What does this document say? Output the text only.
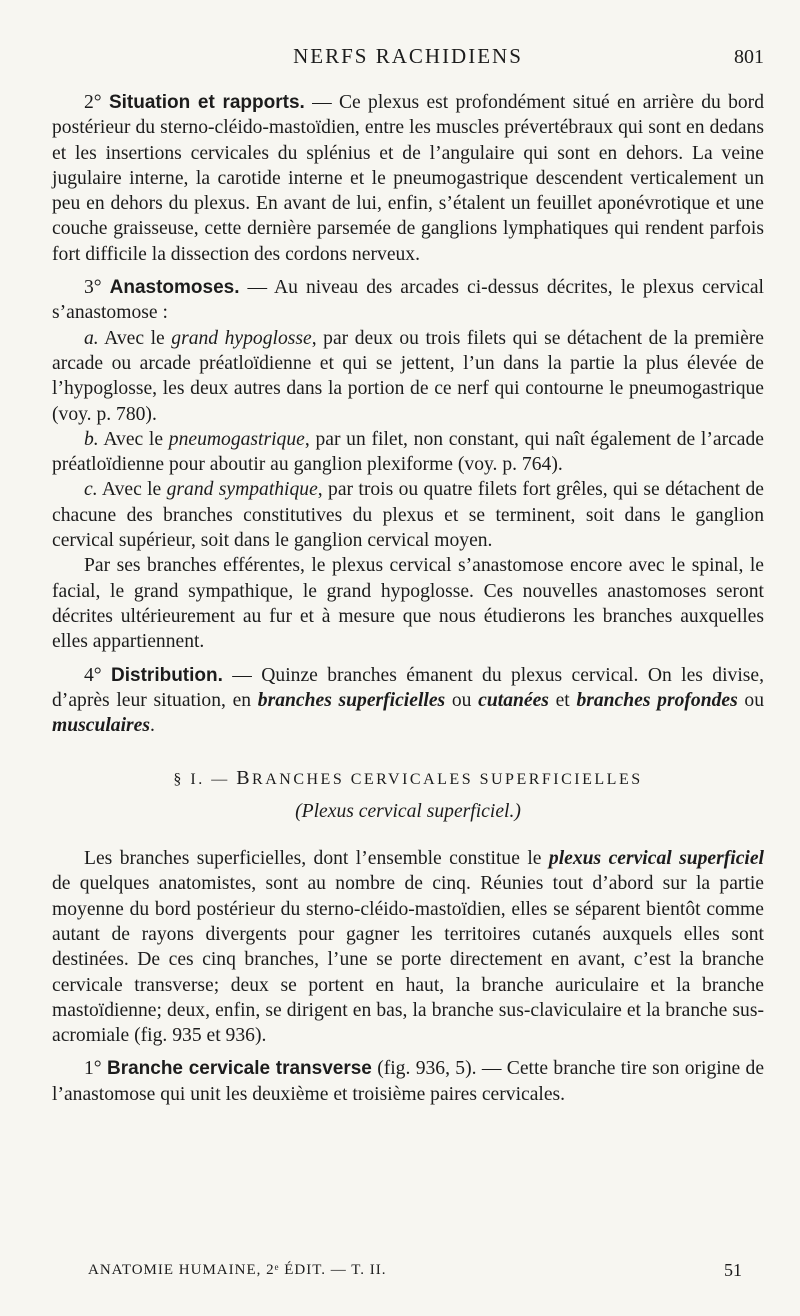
NERFS RACHIDIENS	801

2° Situation et rapports. — Ce plexus est profondément situé en arrière du bord postérieur du sterno-cléido-mastoïdien, entre les muscles prévertébraux qui sont en dedans et les insertions cervicales du splénius et de l’angulaire qui sont en dehors. La veine jugulaire interne, la carotide interne et le pneumogastrique descendent verticalement un peu en dehors du plexus. En avant de lui, enfin, s’étalent un feuillet aponévrotique et une couche graisseuse, cette dernière parsemée de ganglions lymphatiques qui rendent parfois fort difficile la dissection des cordons nerveux.

3° Anastomoses. — Au niveau des arcades ci-dessus décrites, le plexus cervical s’anastomose :

a. Avec le grand hypoglosse, par deux ou trois filets qui se détachent de la première arcade ou arcade préatloïdienne et qui se jettent, l’un dans la partie la plus élevée de l’hypoglosse, les deux autres dans la portion de ce nerf qui contourne le pneumogastrique (voy. p. 780).

b. Avec le pneumogastrique, par un filet, non constant, qui naît également de l’arcade préatloïdienne pour aboutir au ganglion plexiforme (voy. p. 764).

c. Avec le grand sympathique, par trois ou quatre filets fort grêles, qui se détachent de chacune des branches constitutives du plexus et se terminent, soit dans le ganglion cervical supérieur, soit dans le ganglion cervical moyen.

Par ses branches efférentes, le plexus cervical s’anastomose encore avec le spinal, le facial, le grand sympathique, le grand hypoglosse. Ces nouvelles anastomoses seront décrites ultérieurement au fur et à mesure que nous étudierons les branches auxquelles elles appartiennent.

4° Distribution. — Quinze branches émanent du plexus cervical. On les divise, d’après leur situation, en branches superficielles ou cutanées et branches profondes ou musculaires.

§ I. — BRANCHES CERVICALES SUPERFICIELLES
(Plexus cervical superficiel.)

Les branches superficielles, dont l’ensemble constitue le plexus cervical superficiel de quelques anatomistes, sont au nombre de cinq. Réunies tout d’abord sur la partie moyenne du bord postérieur du sterno-cléido-mastoïdien, elles se séparent bientôt comme autant de rayons divergents pour gagner les territoires cutanés auxquels elles sont destinées. De ces cinq branches, l’une se porte directement en avant, c’est la branche cervicale transverse; deux se portent en haut, la branche auriculaire et la branche mastoïdienne; deux, enfin, se dirigent en bas, la branche sus-claviculaire et la branche sus-acromiale (fig. 935 et 936).

1° Branche cervicale transverse (fig. 936, 5). — Cette branche tire son origine de l’anastomose qui unit les deuxième et troisième paires cervicales.

ANATOMIE HUMAINE, 2ᵉ ÉDIT. — T. II.	51
